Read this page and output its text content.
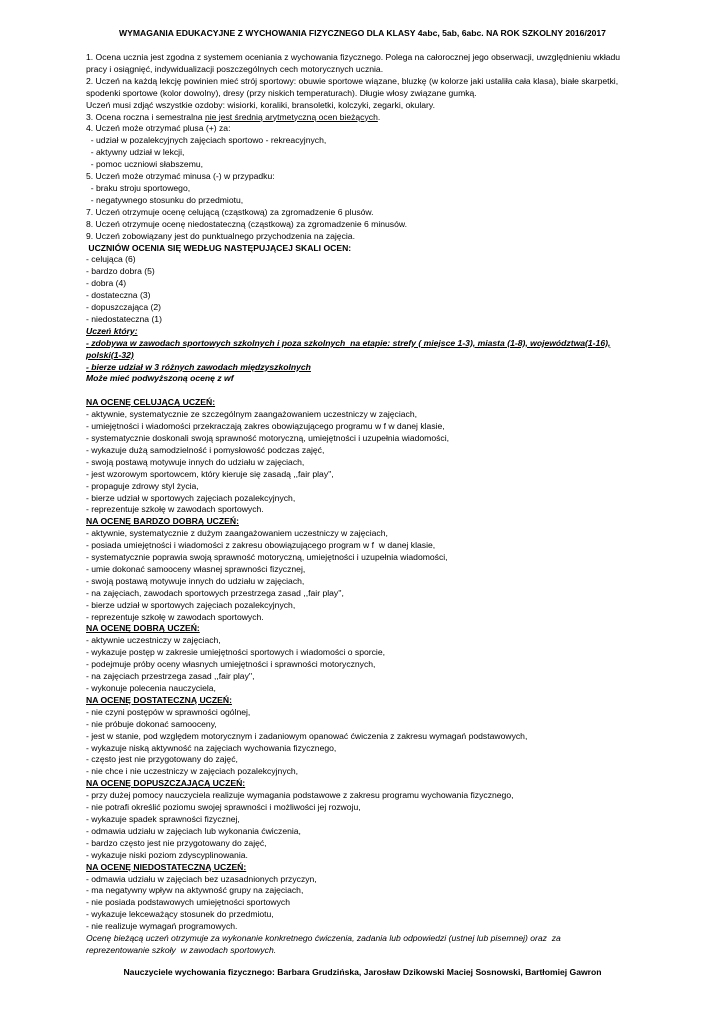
WYMAGANIA EDUKACYJNE Z WYCHOWANIA FIZYCZNEGO DLA KLASY 4abc, 5ab, 6abc. NA ROK SZKOLNY 2016/2017
1. Ocena ucznia jest zgodna z systemem oceniania z wychowania fizycznego. Polega na całorocznej jego obserwacji, uwzględnieniu wkładu
pracy i osiągnięć, indywidualizacji poszczególnych cech motorycznych ucznia.
2. Uczeń na każdą lekcję powinien mieć strój sportowy: obuwie sportowe wiązane, bluzkę (w kolorze jaki ustaliła cała klasa), białe skarpetki,
spodenki sportowe (kolor dowolny), dresy (przy niskich temperaturach). Długie włosy związane gumką.
Uczeń musi zdjąć wszystkie ozdoby: wisiorki, koraliki, bransoletki, kolczyki, zegarki, okulary.
3. Ocena roczna i semestralna nie jest średnią arytmetyczną ocen bieżących.
4. Uczeń może otrzymać plusa (+) za:
- udział w pozalekcyjnych zajęciach sportowo - rekreacyjnych,
- aktywny udział w lekcji,
- pomoc uczniowi słabszemu,
5. Uczeń może otrzymać minusa (-) w przypadku:
- braku stroju sportowego,
- negatywnego stosunku do przedmiotu,
7. Uczeń otrzymuje ocenę celującą (cząstkową) za zgromadzenie 6 plusów.
8. Uczeń otrzymuje ocenę niedostateczną (cząstkową) za zgromadzenie 6 minusów.
9. Uczeń zobowiązany jest do punktualnego przychodzenia na zajęcia.
UCZNIÓW OCENIA SIĘ WEDŁUG NASTĘPUJĄCEJ SKALI OCEN:
- celująca (6)
- bardzo dobra (5)
- dobra (4)
- dostateczna (3)
- dopuszczająca (2)
- niedostateczna (1)
Uczeń który:
- zdobywa w zawodach sportowych szkolnych i poza szkolnych  na etapie: strefy ( miejsce 1-3), miasta (1-8), województwa(1-16),
polski(1-32)
- bierze udział w 3 różnych zawodach międzyszkolnych
Może mieć podwyższoną ocenę z wf
NA OCENĘ CELUJĄCĄ UCZEŃ:
- aktywnie, systematycznie ze szczególnym zaangażowaniem uczestniczy w zajęciach,
- umiejętności i wiadomości przekraczają zakres obowiązującego programu w f w danej klasie,
- systematycznie doskonali swoją sprawność motoryczną, umiejętności i uzupełnia wiadomości,
- wykazuje dużą samodzielność i pomysłowość podczas zajęć,
- swoją postawą motywuje innych do udziału w zajęciach,
- jest wzorowym sportowcem, który kieruje się zasadą ,,fair play'',
- propaguje zdrowy styl życia,
- bierze udział w sportowych zajęciach pozalekcyjnych,
- reprezentuje szkołę w zawodach sportowych.
NA OCENĘ BARDZO DOBRĄ UCZEŃ:
- aktywnie, systematycznie z dużym zaangażowaniem uczestniczy w zajęciach,
- posiada umiejętności i wiadomości z zakresu obowiązującego program w f  w danej klasie,
- systematycznie poprawia swoją sprawność motoryczną, umiejętności i uzupełnia wiadomości,
- umie dokonać samooceny własnej sprawności fizycznej,
- swoją postawą motywuje innych do udziału w zajęciach,
- na zajęciach, zawodach sportowych przestrzega zasad ,,fair play'',
- bierze udział w sportowych zajęciach pozalekcyjnych,
- reprezentuje szkołę w zawodach sportowych.
NA OCENĘ DOBRĄ UCZEŃ:
- aktywnie uczestniczy w zajęciach,
- wykazuje postęp w zakresie umiejętności sportowych i wiadomości o sporcie,
- podejmuje próby oceny własnych umiejętności i sprawności motorycznych,
- na zajęciach przestrzega zasad ,,fair play'',
- wykonuje polecenia nauczyciela,
NA OCENĘ DOSTATECZNĄ UCZEŃ:
- nie czyni postępów w sprawności ogólnej,
- nie próbuje dokonać samooceny,
- jest w stanie, pod względem motorycznym i zadaniowym opanować ćwiczenia z zakresu wymagań podstawowych,
- wykazuje niską aktywność na zajęciach wychowania fizycznego,
- często jest nie przygotowany do zajęć,
- nie chce i nie uczestniczy w zajęciach pozalekcyjnych,
NA OCENĘ DOPUSZCZAJĄCĄ UCZEŃ:
- przy dużej pomocy nauczyciela realizuje wymagania podstawowe z zakresu programu wychowania fizycznego,
- nie potrafi określić poziomu swojej sprawności i możliwości jej rozwoju,
- wykazuje spadek sprawności fizycznej,
- odmawia udziału w zajęciach lub wykonania ćwiczenia,
- bardzo często jest nie przygotowany do zajęć,
- wykazuje niski poziom zdyscyplinowania.
NA OCENĘ NIEDOSTATECZNĄ UCZEŃ:
- odmawia udziału w zajęciach bez uzasadnionych przyczyn,
- ma negatywny wpływ na aktywność grupy na zajęciach,
- nie posiada podstawowych umiejętności sportowych
- wykazuje lekceważący stosunek do przedmiotu,
- nie realizuje wymagań programowych.
Ocenę bieżącą uczeń otrzymuje za wykonanie konkretnego ćwiczenia, zadania lub odpowiedzi (ustnej lub pisemnej) oraz  za
reprezentowanie szkoły  w zawodach sportowych.
Nauczyciele wychowania fizycznego: Barbara Grudzińska, Jarosław Dzikowski Maciej Sosnowski, Bartłomiej Gawron
